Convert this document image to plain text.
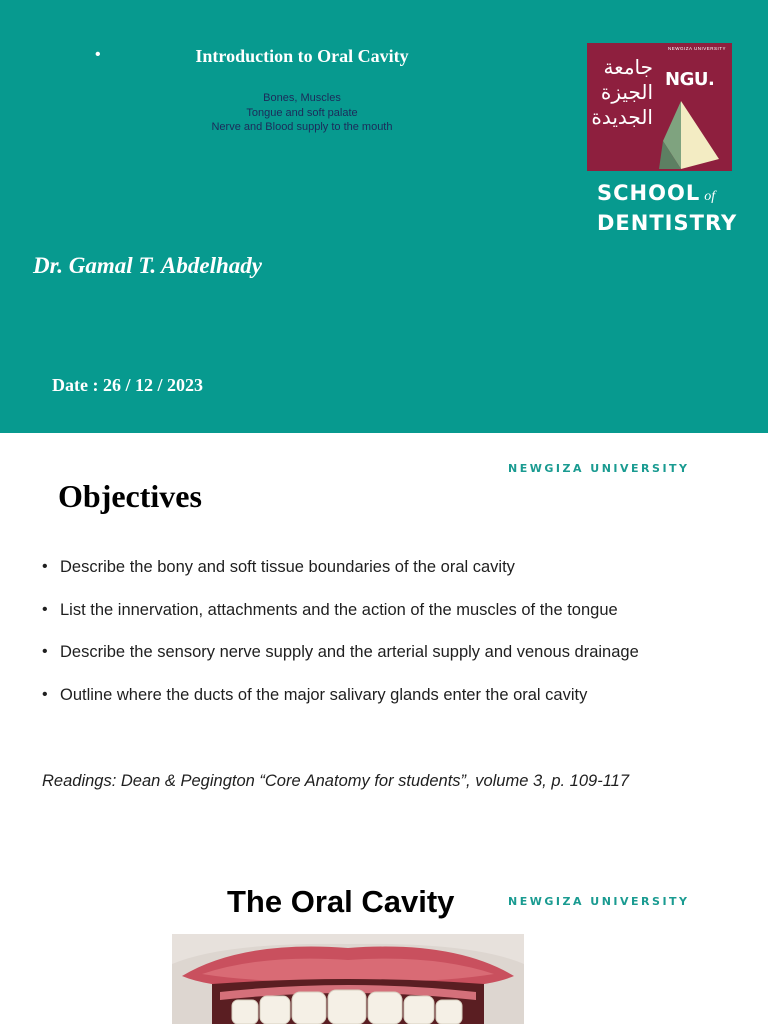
•	Introduction to Oral Cavity
Bones, Muscles
Tongue and soft palate
Nerve and Blood supply to the mouth
Dr. Gamal T. Abdelhady
Date : 26 / 12 / 2023
NEWGIZA UNIVERSITY
جامعة
الجيزة
الجديدة
NGU.
SCHOOL of
DENTISTRY
NEWGIZA UNIVERSITY
Objectives
• Describe the bony and soft tissue boundaries of the oral cavity
• List the innervation, attachments and the action of the muscles of the tongue
• Describe the sensory nerve supply and the arterial supply and venous drainage
• Outline where the ducts of the major salivary glands enter the oral cavity
Readings: Dean & Pegington “Core Anatomy for students”, volume 3, p. 109-117
The Oral Cavity	NEWGIZA UNIVERSITY
